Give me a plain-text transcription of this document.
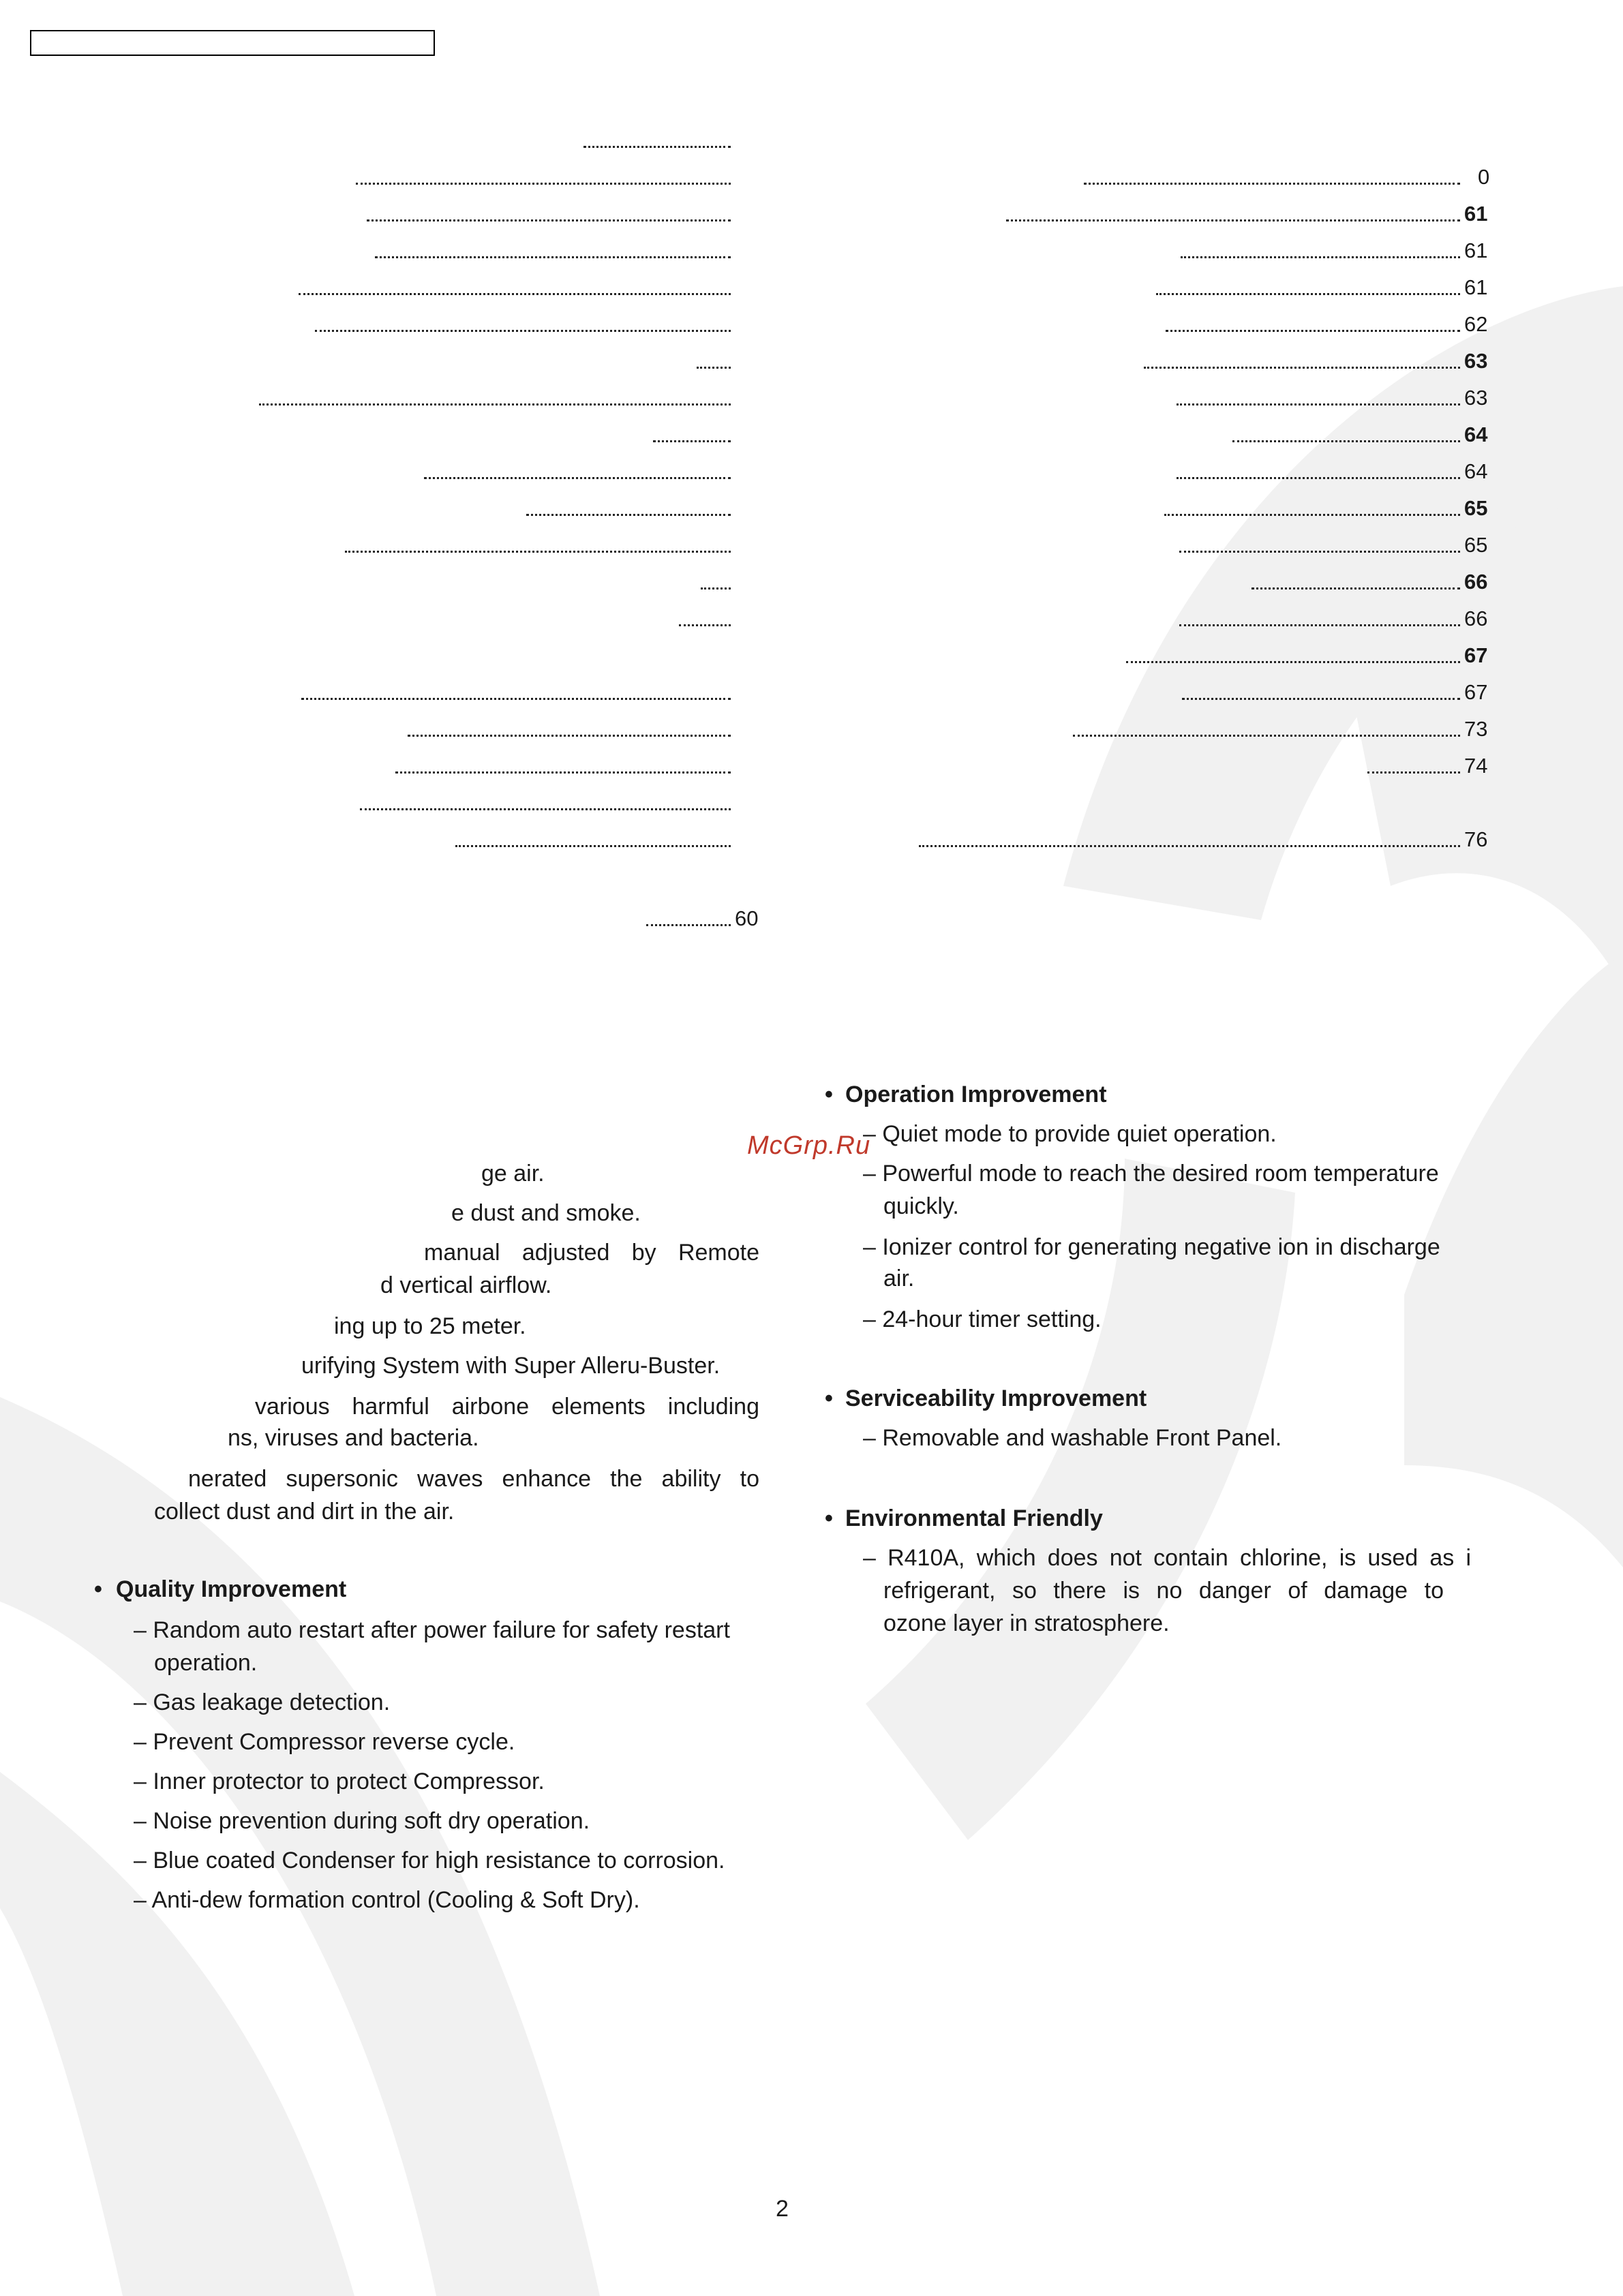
60
0
61
61
61
62
63
63
64
64
65
65
66
66
67
67
73
74
76
ge air.
e dust and smoke.
manual adjusted by Remote
d vertical airflow.
ing up to 25 meter.
urifying System with Super Alleru-Buster.
various harmful airbone elements including
ns, viruses and bacteria.
nerated supersonic waves enhance the ability to
collect dust and dirt in the air.
• Quality Improvement
– Random auto restart after power failure for safety restart
operation.
– Gas leakage detection.
– Prevent Compressor reverse cycle.
– Inner protector to protect Compressor.
– Noise prevention during soft dry operation.
– Blue coated Condenser for high resistance to corrosion.
– Anti-dew formation control (Cooling & Soft Dry).
• Operation Improvement
– Quiet mode to provide quiet operation.
– Powerful mode to reach the desired room temperature
quickly.
– Ionizer control for generating negative ion in discharge
air.
– 24-hour timer setting.
• Serviceability Improvement
– Removable and washable Front Panel.
• Environmental Friendly
– R410A, which does not contain chlorine, is used as i
refrigerant, so there is no danger of damage to
ozone layer in stratosphere.
McGrp.Ru
2
